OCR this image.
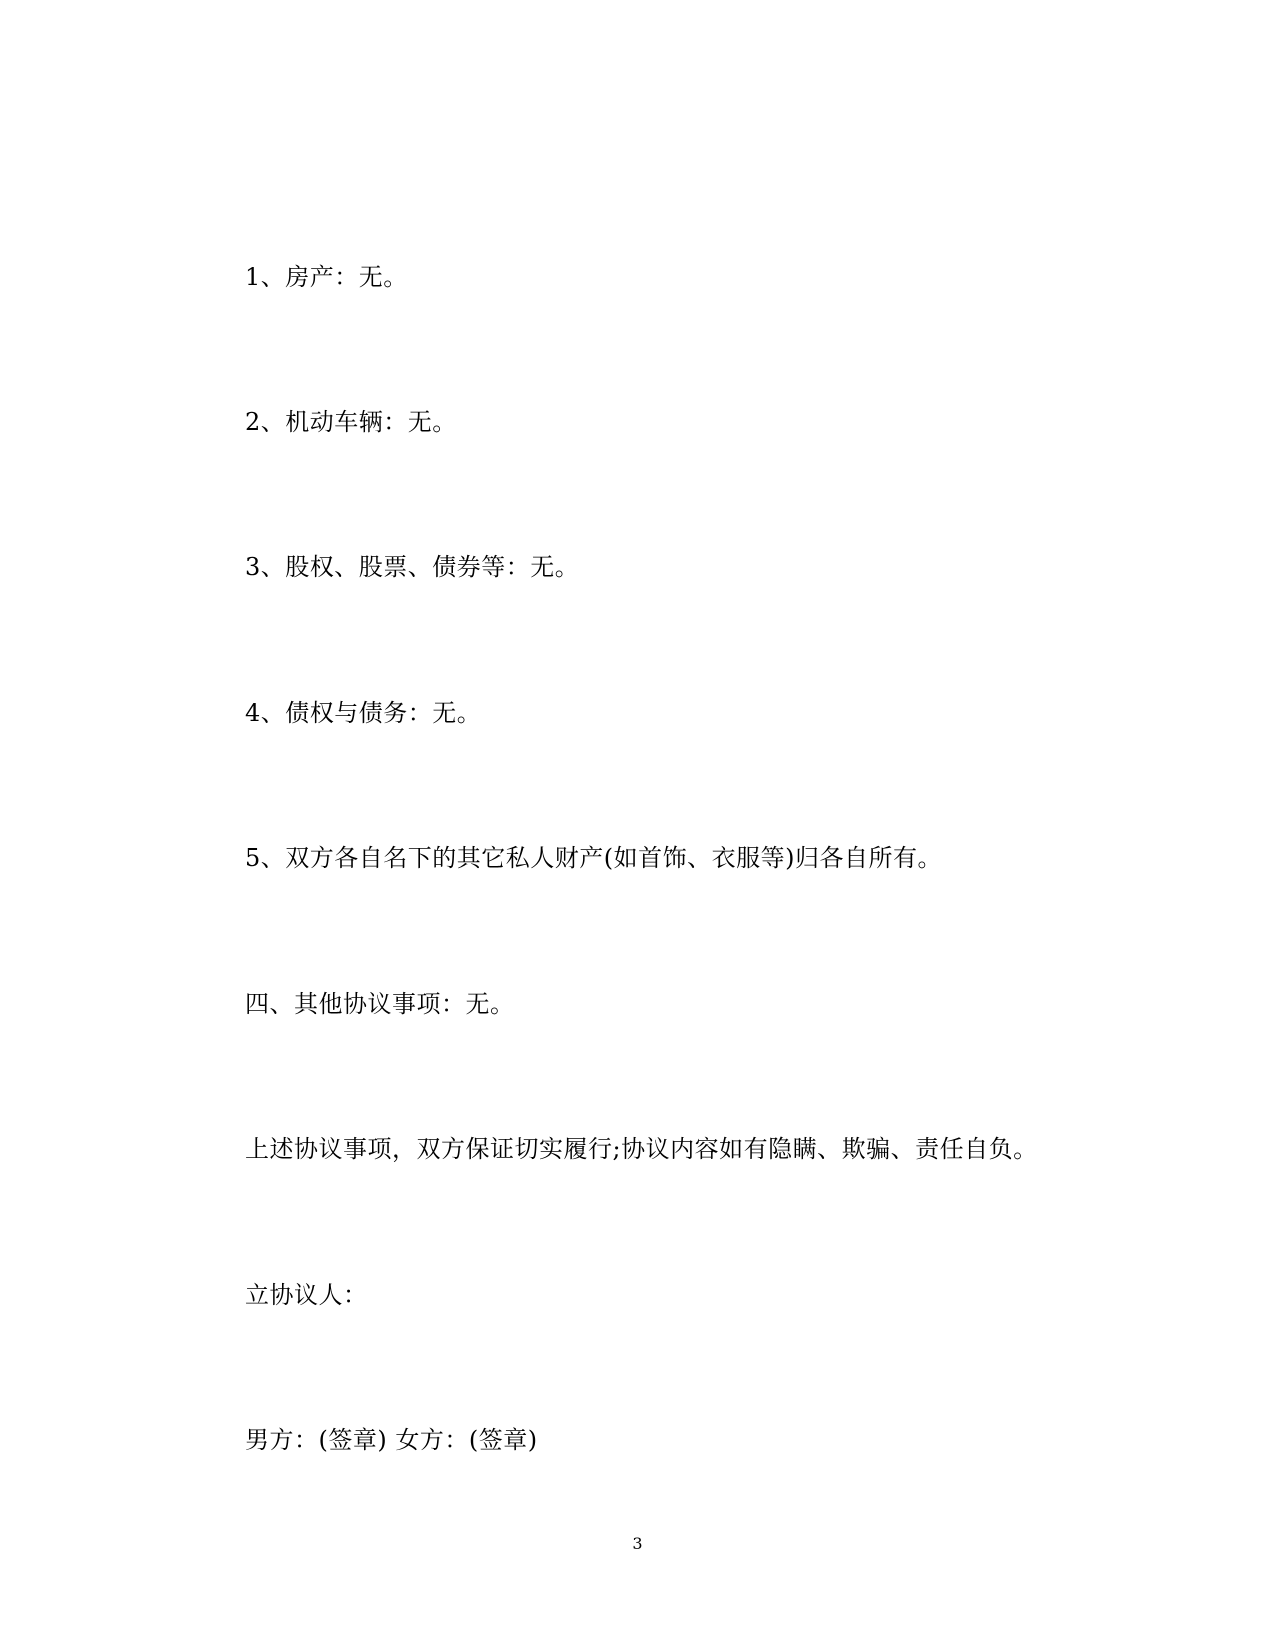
1、房产：无。
2、机动车辆：无。
3、股权、股票、债券等：无。
4、债权与债务：无。
5、双方各自名下的其它私人财产(如首饰、衣服等)归各自所有。
四、其他协议事项：无。
上述协议事项，双方保证切实履行;协议内容如有隐瞒、欺骗、责任自负。
立协议人：
男方：(签章) 女方：(签章)
3
